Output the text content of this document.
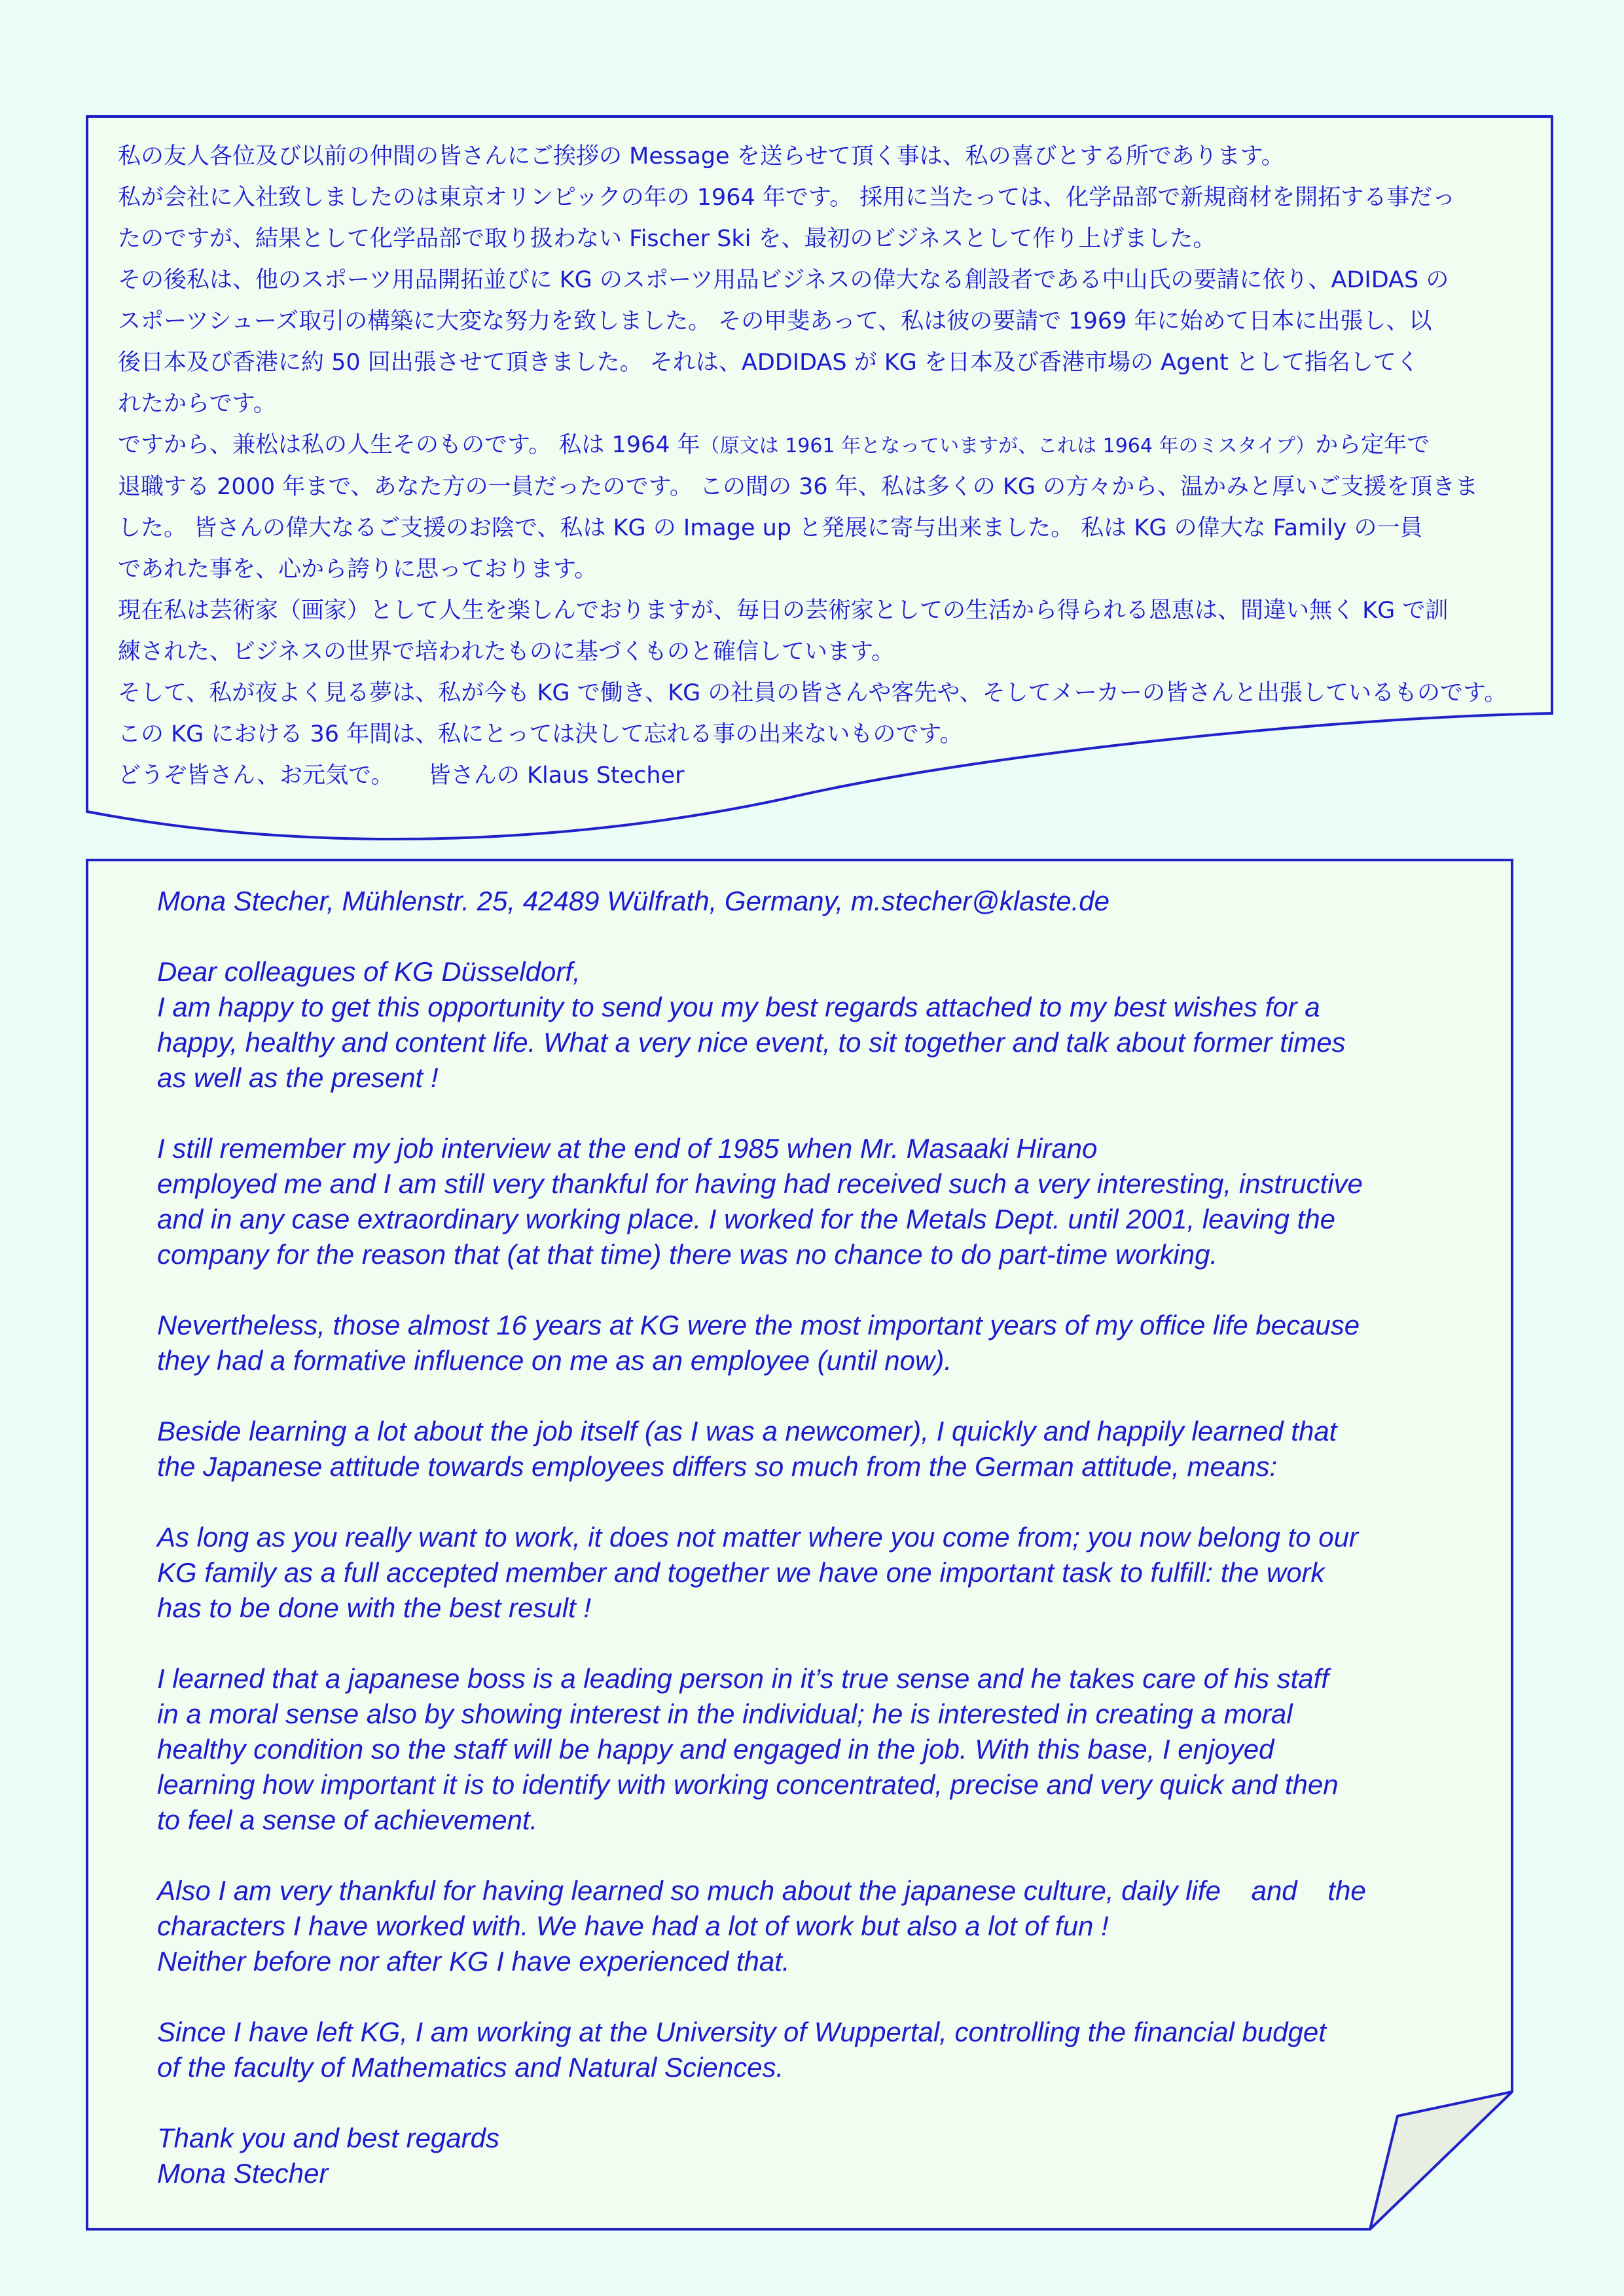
私の友人各位及び以前の仲間の皆さんにご挨拶の Message を送らせて頂く事は、私の喜びとする所であります。

私が会社に入社致しましたのは東京オリンピックの年の 1964 年です。 採用に当たっては、化学品部で新規商材を開拓する事だっ

たのですが、結果として化学品部で取り扱わない Fischer Ski を、最初のビジネスとして作り上げました。

その後私は、他のスポーツ用品開拓並びに KG のスポーツ用品ビジネスの偉大なる創設者である中山氏の要請に依り、ADIDAS の

スポーツシューズ取引の構築に大変な努力を致しました。 その甲斐あって、私は彼の要請で 1969 年に始めて日本に出張し、以

後日本及び香港に約 50 回出張させて頂きました。 それは、ADDIDAS が KG を日本及び香港市場の Agent として指名してく

れたからです。

ですから、兼松は私の人生そのものです。 私は 1964 年（原文は 1961 年となっていますが、これは 1964 年のミスタイプ）から定年で

退職する 2000 年まで、あなた方の一員だったのです。 この間の 36 年、私は多くの KG の方々から、温かみと厚いご支援を頂きま

した。 皆さんの偉大なるご支援のお陰で、私は KG の Image up と発展に寄与出来ました。 私は KG の偉大な Family の一員

であれた事を、心から誇りに思っております。

現在私は芸術家（画家）として人生を楽しんでおりますが、毎日の芸術家としての生活から得られる恩恵は、間違い無く KG で訓

練された、ビジネスの世界で培われたものに基づくものと確信しています。

そして、私が夜よく見る夢は、私が今も KG で働き、KG の社員の皆さんや客先や、そしてメーカーの皆さんと出張しているものです。

この KG における 36 年間は、私にとっては決して忘れる事の出来ないものです。

どうぞ皆さん、お元気で。　　皆さんの Klaus Stecher

Mona Stecher, Mühlenstr. 25, 42489 Wülfrath, Germany, m.stecher@klaste.de

Dear colleagues of KG Düsseldorf,

I am happy to get this opportunity to send you my best regards attached to my best wishes for a

happy, healthy and content life. What a very nice event, to sit together and talk about former times

as well as the present !

I still remember my job interview at the end of 1985 when Mr. Masaaki Hirano

employed me and I am still very thankful for having had received such a very interesting, instructive

and in any case extraordinary working place. I worked for the Metals Dept. until 2001, leaving the

company for the reason that (at that time) there was no chance to do part-time working.

Nevertheless, those almost 16 years at KG were the most important years of my office life because

they had a formative influence on me as an employee (until now).

Beside learning a lot about the job itself (as I was a newcomer), I quickly and happily learned that

the Japanese attitude towards employees differs so much from the German attitude, means:

As long as you really want to work, it does not matter where you come from; you now belong to our

KG family as a full accepted member and together we have one important task to fulfill: the work

has to be done with the best result !

I learned that a japanese boss is a leading person in it’s true sense and he takes care of his staff

in a moral sense also by showing interest in the individual; he is interested in creating a moral

healthy condition so the staff will be happy and engaged in the job. With this base, I enjoyed

learning how important it is to identify with working concentrated, precise and very quick and then

to feel a sense of achievement.

Also I am very thankful for having learned so much about the japanese culture, daily life    and    the

characters I have worked with. We have had a lot of work but also a lot of fun !

Neither before nor after KG I have experienced that.

Since I have left KG, I am working at the University of Wuppertal, controlling the financial budget

of the faculty of Mathematics and Natural Sciences.

Thank you and best regards

Mona Stecher
